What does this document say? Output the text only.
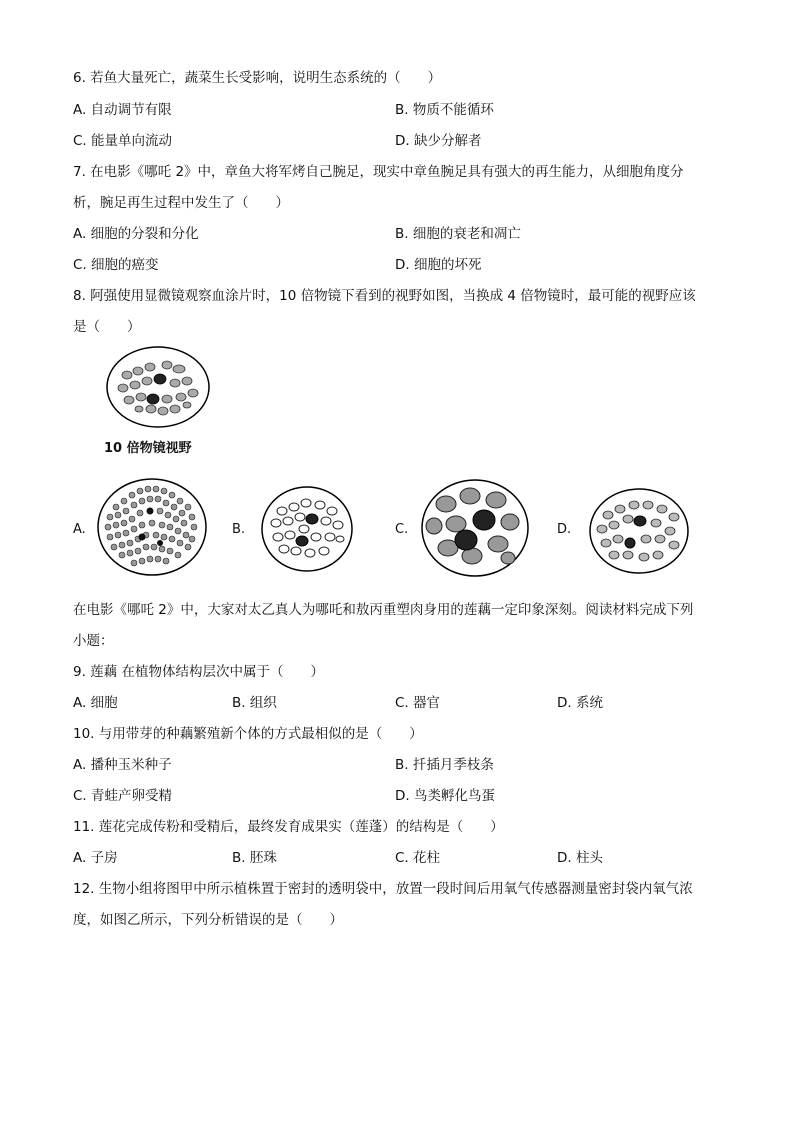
6. 若鱼大量死亡，蔬菜生长受影响，说明生态系统的（　　）
A. 自动调节有限	B. 物质不能循环
C. 能量单向流动	D. 缺少分解者
7. 在电影《哪吒 2》中，章鱼大将军烤自己腕足，现实中章鱼腕足具有强大的再生能力，从细胞角度分
析，腕足再生过程中发生了（　　）
A. 细胞的分裂和分化	B. 细胞的衰老和凋亡
C. 细胞的癌变	D. 细胞的坏死
8. 阿强使用显微镜观察血涂片时，10 倍物镜下看到的视野如图，当换成 4 倍物镜时，最可能的视野应该
是（　　）
10 倍物镜视野
A.	B.	C.	D.
在电影《哪吒 2》中，大家对太乙真人为哪吒和敖丙重塑肉身用的莲藕一定印象深刻。阅读材料完成下列
小题：
9. 莲藕 在植物体结构层次中属于（　　）
A. 细胞	B. 组织	C. 器官	D. 系统
10. 与用带芽的种藕繁殖新个体的方式最相似的是（　　）
A. 播种玉米种子	B. 扦插月季枝条
C. 青蛙产卵受精	D. 鸟类孵化鸟蛋
11. 莲花完成传粉和受精后，最终发育成果实（莲蓬）的结构是（　　）
A. 子房	B. 胚珠	C. 花柱	D. 柱头
12. 生物小组将图甲中所示植株置于密封的透明袋中，放置一段时间后用氧气传感器测量密封袋内氧气浓
度，如图乙所示，下列分析错误的是（　　）
